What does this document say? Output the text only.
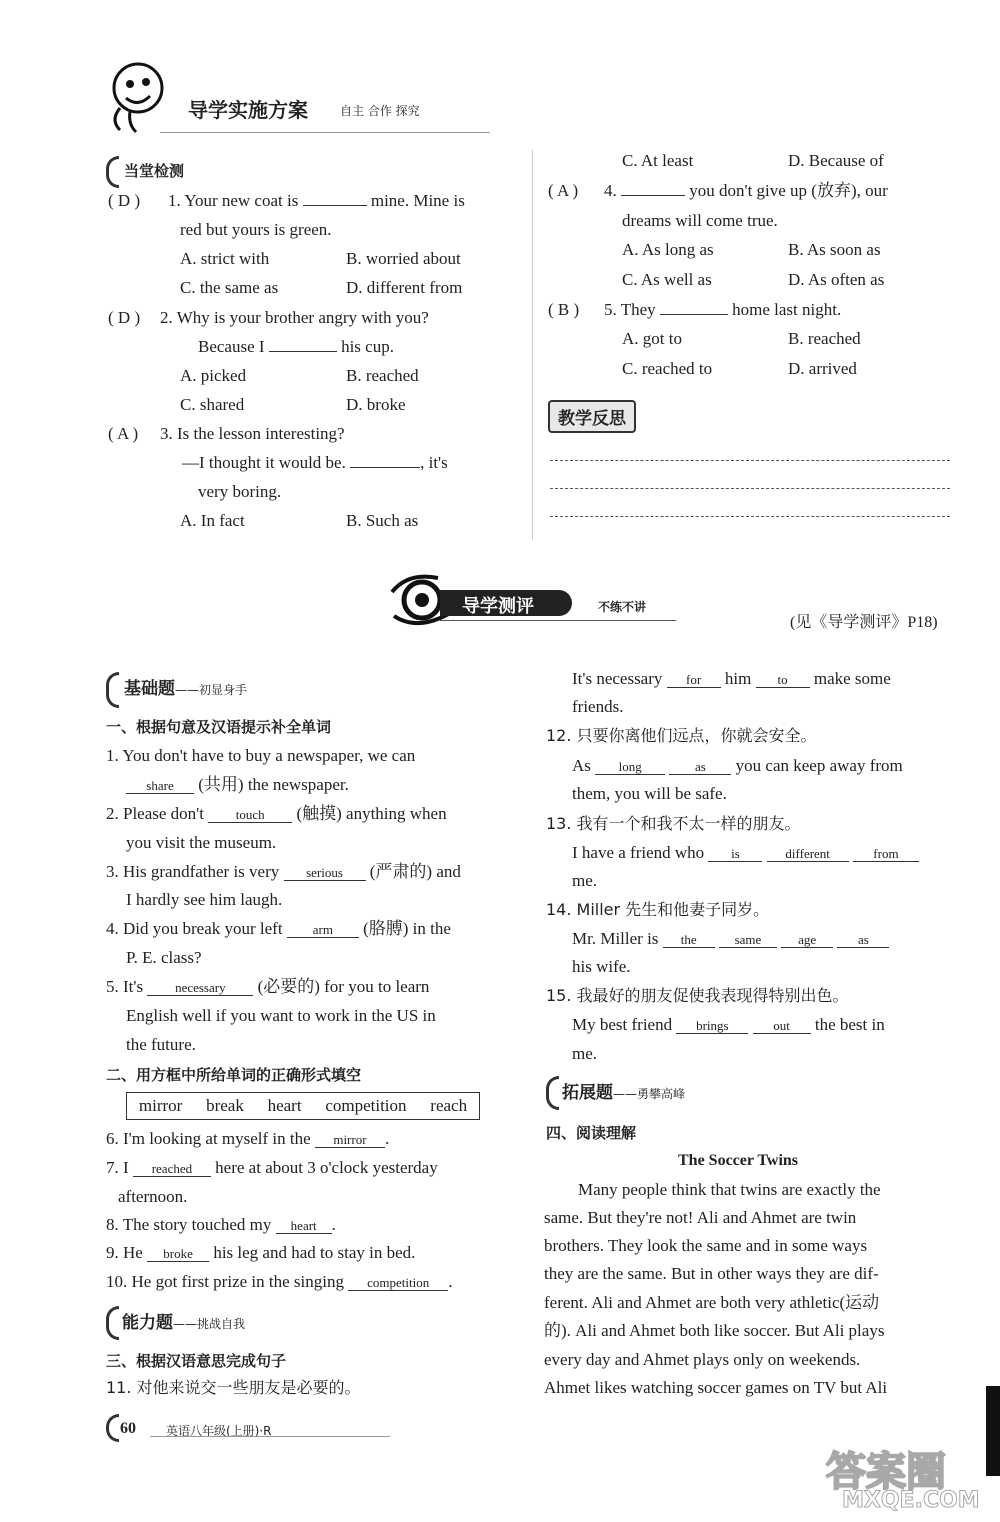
导学实施方案	自主 合作 探究
当堂检测
( D ) 1. Your new coat is	mine. Mine is
red but yours is green.
A. strict with	B. worried about
C. the same as	D. different from
( D ) 2. Why is your brother angry with you?
Because I	his cup.
A. picked	B. reached
C. shared	D. broke
( A ) 3. Is the lesson interesting?
—I thought it would be.	, it's
very boring.
A. In fact	B. Such as
C. At least	D. Because of
( A ) 4.	you don't give up (放弃), our
dreams will come true.
A. As long as	B. As soon as
C. As well as	D. As often as
( B ) 5. They	home last night.
A. got to	B. reached
C. reached to	D. arrived
教学反思
导学测评	不练不讲
(见《导学测评》P18)
基础题——初显身手
一、根据句意及汉语提示补全单词
1. You don't have to buy a newspaper, we can
share (共用) the newspaper.
2. Please don't touch (触摸) anything when
you visit the museum.
3. His grandfather is very serious (严肃的) and
I hardly see him laugh.
4. Did you break your left arm (胳膊) in the
P. E. class?
5. It's necessary (必要的) for you to learn
English well if you want to work in the US in
the future.
二、用方框中所给单词的正确形式填空
mirror break heart competition reach
6. I'm looking at myself in the mirror .
7. I reached here at about 3 o'clock yesterday
afternoon.
8. The story touched my heart .
9. He broke his leg and had to stay in bed.
10. He got first prize in the singing competition .
能力题——挑战自我
三、根据汉语意思完成句子
11. 对他来说交一些朋友是必要的。
It's necessary for him to make some
friends.
12. 只要你离他们远点，你就会安全。
As long	as you can keep away from
them, you will be safe.
13. 我有一个和我不太一样的朋友。
I have a friend who is	different	from
me.
14. Miller 先生和他妻子同岁。
Mr. Miller is the	same	age	as
his wife.
15. 我最好的朋友促使我表现得特别出色。
My best friend brings	out the best in
me.
拓展题——勇攀高峰
四、阅读理解
The Soccer Twins
Many people think that twins are exactly the
same. But they're not! Ali and Ahmet are twin
brothers. They look the same and in some ways
they are the same. But in other ways they are dif-
ferent. Ali and Ahmet are both very athletic(运动
的). Ali and Ahmet both like soccer. But Ali plays
every day and Ahmet plays only on weekends.
Ahmet likes watching soccer games on TV but Ali
60	英语八年级(上册)·R
答案圈
MXQE.COM
